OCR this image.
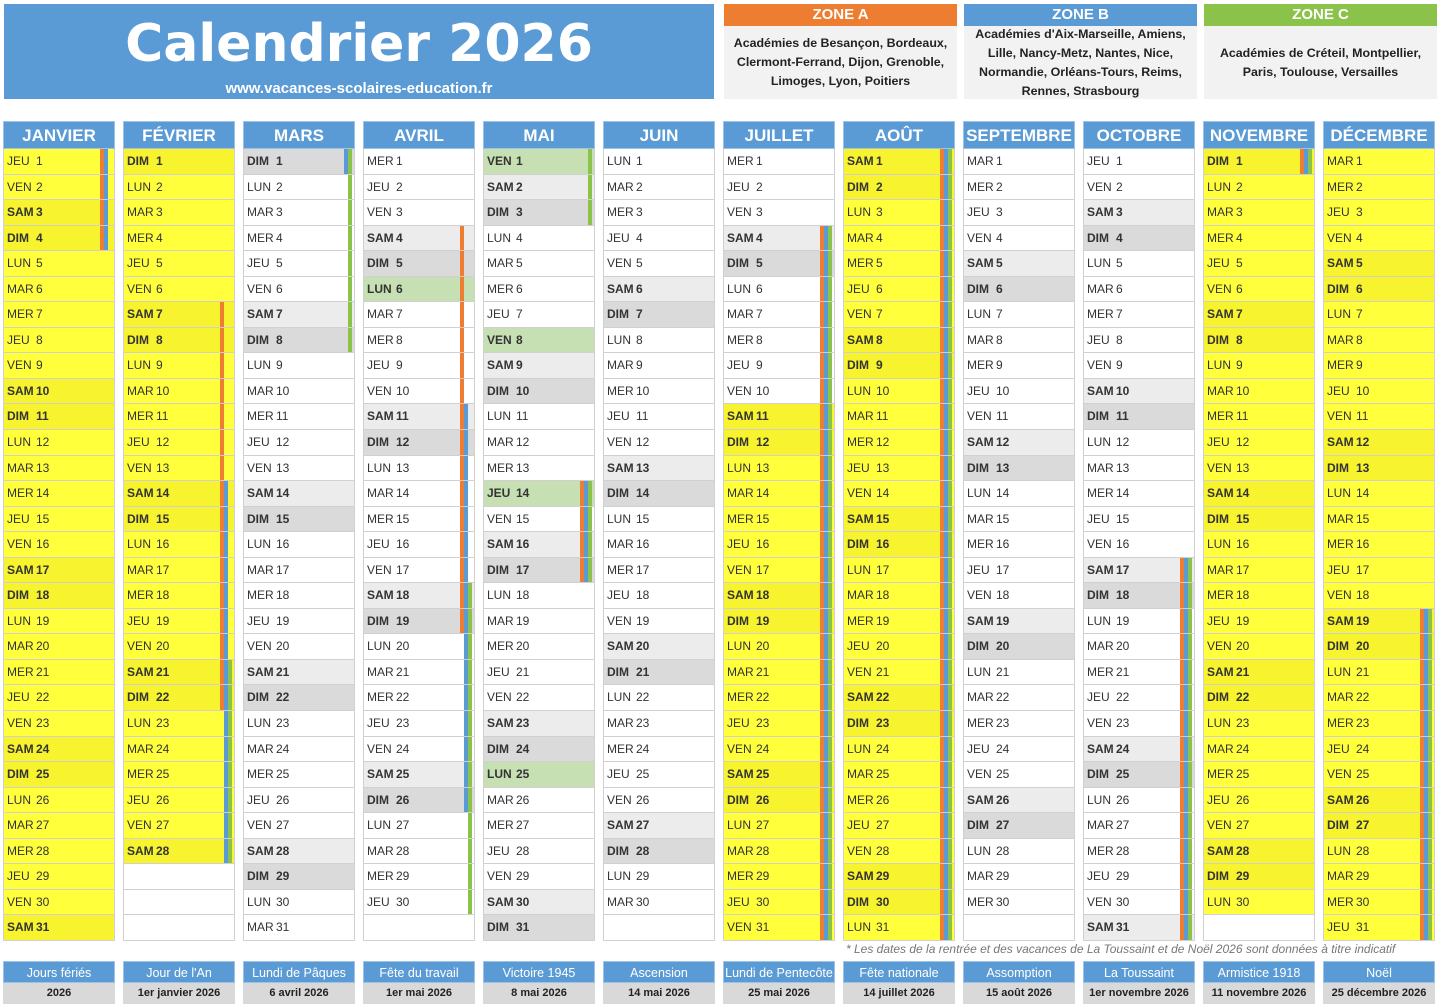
Calendrier 2026
www.vacances-scolaires-education.fr
ZONE A
Académies de Besançon, Bordeaux, Clermont-Ferrand, Dijon, Grenoble, Limoges, Lyon, Poitiers
ZONE B
Académies d'Aix-Marseille, Amiens, Lille, Nancy-Metz, Nantes, Nice, Normandie, Orléans-Tours, Reims, Rennes, Strasbourg
ZONE C
Académies de Créteil, Montpellier, Paris, Toulouse, Versailles
JANVIER
JEU 1
VEN 2
SAM 3
DIM 4
LUN 5
MAR 6
MER 7
JEU 8
VEN 9
SAM 10
DIM 11
LUN 12
MAR 13
MER 14
JEU 15
VEN 16
SAM 17
DIM 18
LUN 19
MAR 20
MER 21
JEU 22
VEN 23
SAM 24
DIM 25
LUN 26
MAR 27
MER 28
JEU 29
VEN 30
SAM 31
FÉVRIER
DIM 1
LUN 2
MAR 3
MER 4
JEU 5
VEN 6
SAM 7
DIM 8
LUN 9
MAR 10
MER 11
JEU 12
VEN 13
SAM 14
DIM 15
LUN 16
MAR 17
MER 18
JEU 19
VEN 20
SAM 21
DIM 22
LUN 23
MAR 24
MER 25
JEU 26
VEN 27
SAM 28
MARS
DIM 1
LUN 2
MAR 3
MER 4
JEU 5
VEN 6
SAM 7
DIM 8
LUN 9
MAR 10
MER 11
JEU 12
VEN 13
SAM 14
DIM 15
LUN 16
MAR 17
MER 18
JEU 19
VEN 20
SAM 21
DIM 22
LUN 23
MAR 24
MER 25
JEU 26
VEN 27
SAM 28
DIM 29
LUN 30
MAR 31
AVRIL
MER 1
JEU 2
VEN 3
SAM 4
DIM 5
LUN 6
MAR 7
MER 8
JEU 9
VEN 10
SAM 11
DIM 12
LUN 13
MAR 14
MER 15
JEU 16
VEN 17
SAM 18
DIM 19
LUN 20
MAR 21
MER 22
JEU 23
VEN 24
SAM 25
DIM 26
LUN 27
MAR 28
MER 29
JEU 30
MAI
VEN 1
SAM 2
DIM 3
LUN 4
MAR 5
MER 6
JEU 7
VEN 8
SAM 9
DIM 10
LUN 11
MAR 12
MER 13
JEU 14
VEN 15
SAM 16
DIM 17
LUN 18
MAR 19
MER 20
JEU 21
VEN 22
SAM 23
DIM 24
LUN 25
MAR 26
MER 27
JEU 28
VEN 29
SAM 30
DIM 31
JUIN
LUN 1
MAR 2
MER 3
JEU 4
VEN 5
SAM 6
DIM 7
LUN 8
MAR 9
MER 10
JEU 11
VEN 12
SAM 13
DIM 14
LUN 15
MAR 16
MER 17
JEU 18
VEN 19
SAM 20
DIM 21
LUN 22
MAR 23
MER 24
JEU 25
VEN 26
SAM 27
DIM 28
LUN 29
MAR 30
JUILLET
MER 1
JEU 2
VEN 3
SAM 4
DIM 5
LUN 6
MAR 7
MER 8
JEU 9
VEN 10
SAM 11
DIM 12
LUN 13
MAR 14
MER 15
JEU 16
VEN 17
SAM 18
DIM 19
LUN 20
MAR 21
MER 22
JEU 23
VEN 24
SAM 25
DIM 26
LUN 27
MAR 28
MER 29
JEU 30
VEN 31
AOÛT
SAM 1
DIM 2
LUN 3
MAR 4
MER 5
JEU 6
VEN 7
SAM 8
DIM 9
LUN 10
MAR 11
MER 12
JEU 13
VEN 14
SAM 15
DIM 16
LUN 17
MAR 18
MER 19
JEU 20
VEN 21
SAM 22
DIM 23
LUN 24
MAR 25
MER 26
JEU 27
VEN 28
SAM 29
DIM 30
LUN 31
SEPTEMBRE
MAR 1
MER 2
JEU 3
VEN 4
SAM 5
DIM 6
LUN 7
MAR 8
MER 9
JEU 10
VEN 11
SAM 12
DIM 13
LUN 14
MAR 15
MER 16
JEU 17
VEN 18
SAM 19
DIM 20
LUN 21
MAR 22
MER 23
JEU 24
VEN 25
SAM 26
DIM 27
LUN 28
MAR 29
MER 30
OCTOBRE
JEU 1
VEN 2
SAM 3
DIM 4
LUN 5
MAR 6
MER 7
JEU 8
VEN 9
SAM 10
DIM 11
LUN 12
MAR 13
MER 14
JEU 15
VEN 16
SAM 17
DIM 18
LUN 19
MAR 20
MER 21
JEU 22
VEN 23
SAM 24
DIM 25
LUN 26
MAR 27
MER 28
JEU 29
VEN 30
SAM 31
NOVEMBRE
DIM 1
LUN 2
MAR 3
MER 4
JEU 5
VEN 6
SAM 7
DIM 8
LUN 9
MAR 10
MER 11
JEU 12
VEN 13
SAM 14
DIM 15
LUN 16
MAR 17
MER 18
JEU 19
VEN 20
SAM 21
DIM 22
LUN 23
MAR 24
MER 25
JEU 26
VEN 27
SAM 28
DIM 29
LUN 30
DÉCEMBRE
MAR 1
MER 2
JEU 3
VEN 4
SAM 5
DIM 6
LUN 7
MAR 8
MER 9
JEU 10
VEN 11
SAM 12
DIM 13
LUN 14
MAR 15
MER 16
JEU 17
VEN 18
SAM 19
DIM 20
LUN 21
MAR 22
MER 23
JEU 24
VEN 25
SAM 26
DIM 27
LUN 28
MAR 29
MER 30
JEU 31
* Les dates de la rentrée et des vacances de La Toussaint et de Noël 2026 sont données à titre indicatif
Jours fériés
2026
Jour de l'An
1er janvier 2026
Lundi de Pâques
6 avril 2026
Fête du travail
1er mai 2026
Victoire 1945
8 mai 2026
Ascension
14 mai 2026
Lundi de Pentecôte
25 mai 2026
Fête nationale
14 juillet 2026
Assomption
15 août 2026
La Toussaint
1er novembre 2026
Armistice 1918
11 novembre 2026
Noël
25 décembre 2026
